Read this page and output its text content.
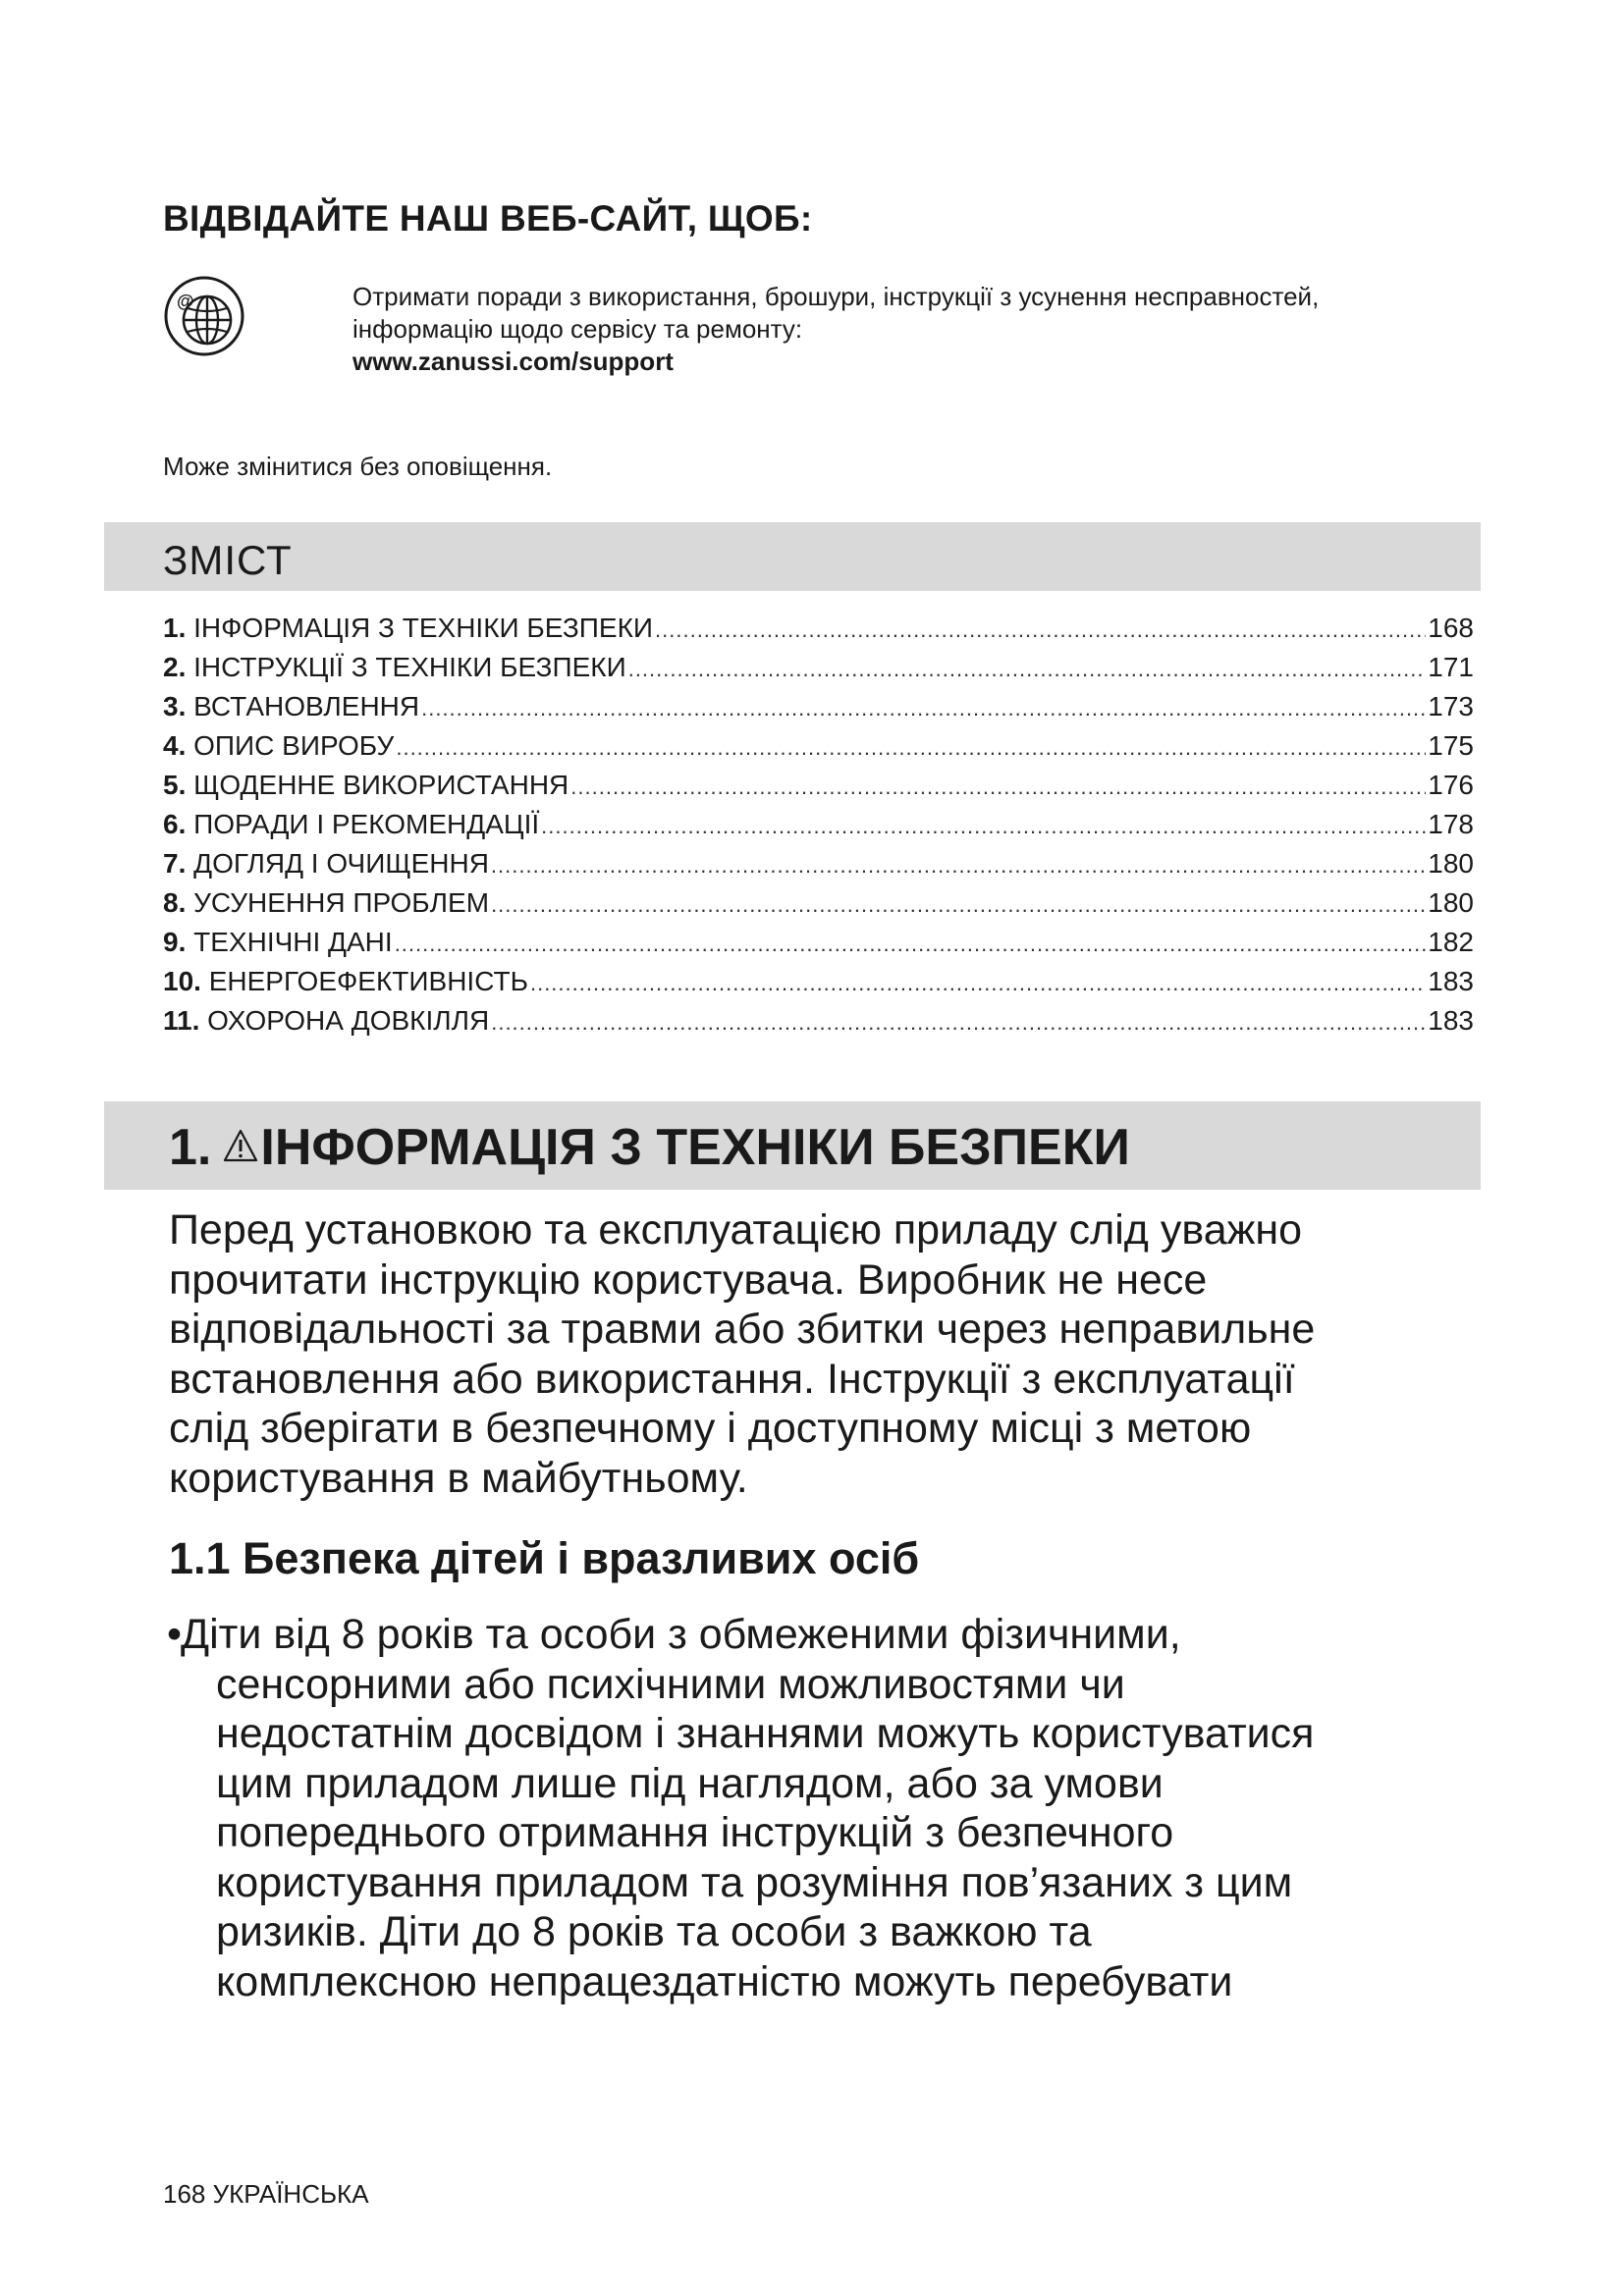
ВІДВІДАЙТЕ НАШ ВЕБ-САЙТ, ЩОБ:
@	Отримати поради з використання, брошури, інструкції з усунення несправностей,
інформацію щодо сервісу та ремонту:
www.zanussi.com/support
Може змінитися без оповіщення.
ЗМІСТ
1. ІНФОРМАЦІЯ З ТЕХНІКИ БЕЗПЕКИ .....	168
2. ІНСТРУКЦІЇ З ТЕХНІКИ БЕЗПЕКИ .....	171
3. ВСТАНОВЛЕННЯ .....	173
4. ОПИС ВИРОБУ .....	175
5. ЩОДЕННЕ ВИКОРИСТАННЯ .....	176
6. ПОРАДИ І РЕКОМЕНДАЦІЇ .....	178
7. ДОГЛЯД І ОЧИЩЕННЯ .....	180
8. УСУНЕННЯ ПРОБЛЕМ .....	180
9. ТЕХНІЧНІ ДАНІ .....	182
10. ЕНЕРГОЕФЕКТИВНІСТЬ .....	183
11. ОХОРОНА ДОВКІЛЛЯ .....	183
1. ІНФОРМАЦІЯ З ТЕХНІКИ БЕЗПЕКИ

Перед установкою та експлуатацією приладу слід уважно
прочитати інструкцію користувача. Виробник не несе
відповідальності за травми або збитки через неправильне
встановлення або використання. Інструкції з експлуатації
слід зберігати в безпечному і доступному місці з метою
користування в майбутньому.

1.1 Безпека дітей і вразливих осіб
•

Діти від 8 років та особи з обмеженими фізичними,
сенсорними або психічними можливостями чи
недостатнім досвідом і знаннями можуть користуватися
цим приладом лише під наглядом, або за умови
попереднього отримання інструкцій з безпечного
користування приладом та розуміння пов’язаних з цим
ризиків. Діти до 8 років та особи з важкою та
комплексною непрацездатністю можуть перебувати

168 УКРАЇНСЬКА
